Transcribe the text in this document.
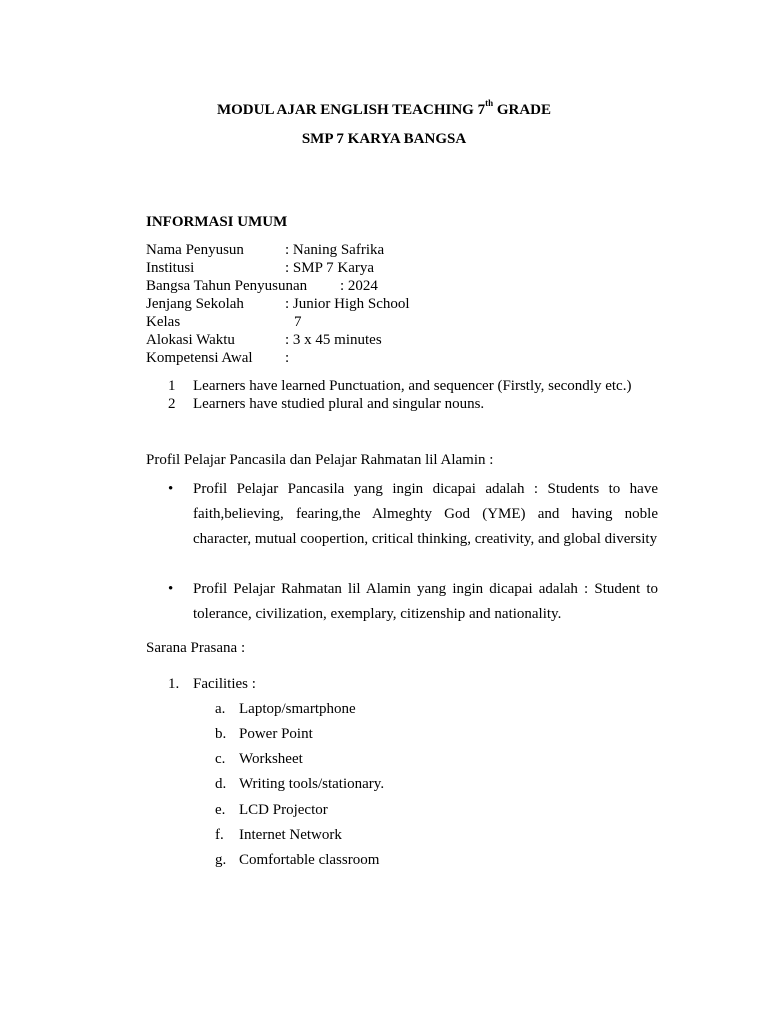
MODUL AJAR ENGLISH TEACHING 7th GRADE
SMP 7 KARYA BANGSA
INFORMASI UMUM
Nama Penyusun	: Naning Safrika
Institusi	: SMP 7 Karya
Bangsa Tahun Penyusunan : 2024
Jenjang Sekolah	: Junior High School
Kelas	7
Alokasi Waktu	: 3 x 45 minutes
Kompetensi Awal :
1 Learners have learned Punctuation, and sequencer (Firstly, secondly etc.)
2 Learners have studied plural and singular nouns.
Profil Pelajar Pancasila dan Pelajar Rahmatan lil Alamin :
• Profil Pelajar Pancasila yang ingin dicapai adalah : Students to have faith,believing, fearing,the Almeghty God (YME) and having noble character, mutual coopertion, critical thinking, creativity, and global diversity
• Profil Pelajar Rahmatan lil Alamin yang ingin dicapai adalah : Student to tolerance, civilization, exemplary, citizenship and nationality.
Sarana Prasana :
1. Facilities :
a. Laptop/smartphone
b. Power Point
c. Worksheet
d. Writing tools/stationary.
e. LCD Projector
f. Internet Network
g. Comfortable classroom
